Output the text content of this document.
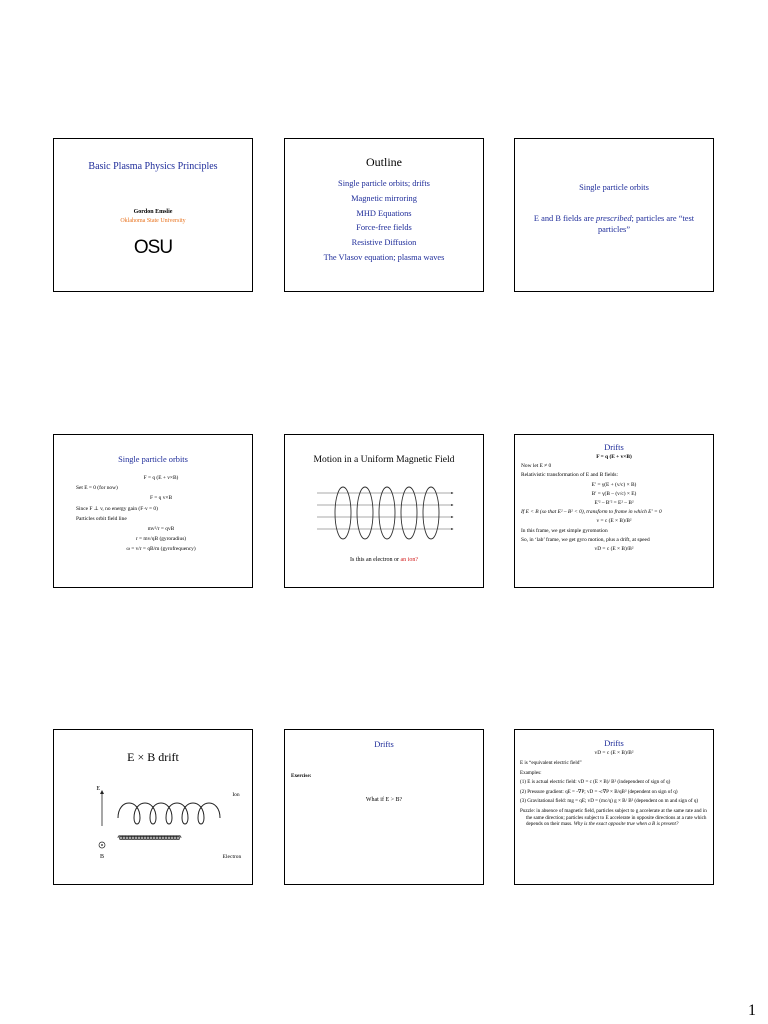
Basic Plasma Physics Principles
Gordon Emslie
Oklahoma State University
OSU
Outline
Single particle orbits; drifts
Magnetic mirroring
MHD Equations
Force-free fields
Resistive Diffusion
The Vlasov equation; plasma waves
Single particle orbits
E and B fields are prescribed; particles are “test particles”
Single particle orbits

F = q (E + v×B)

Set E = 0 (for now)

F = q v×B

Since F ⊥ v, no energy gain (F·v = 0)

Particles orbit field line

mv²/r = qvB

r = mv/qB (gyroradius)

ω = v/r = qB/m (gyrofrequency)

Motion in a Uniform Magnetic Field
Is this an electron or an ion?
Drifts

F = q (E + v×B)

Now let E ≠ 0

Relativistic transformation of E and B fields:

E′ = γ(E + (v/c) × B)

B′ = γ(B – (v/c) × E)

E′² – B′² = E² – B²

If E < B (so that E² – B² < 0), transform to frame in which E′ = 0

v = c (E × B)/B²

In this frame, we get simple gyromotion

So, in ‘lab’ frame, we get gyro motion, plus a drift, at speed

vD = c (E × B)/B²

E × B drift
E
B
Ion
Electron
Drifts
Exercise:
What if E > B?
Drifts
vD = c (E × B)/B²

E is “equivalent electric field”

Examples:

(1) E is actual electric field: vD = c (E × B)/ B² (independent of sign of q)

(2) Pressure gradient: qE = -∇P; vD = -c∇P × B/qB² (dependent on sign of q)

(3) Gravitational field: mg = qE; vD = (mc/q) g × B/ B² (dependent on m and sign of q)

Puzzle: in absence of magnetic field, particles subject to g accelerate at the same rate and in the same direction; particles subject to E accelerate in opposite directions at a rate which depends on their mass. Why is the exact opposite true when a B is present?

1
